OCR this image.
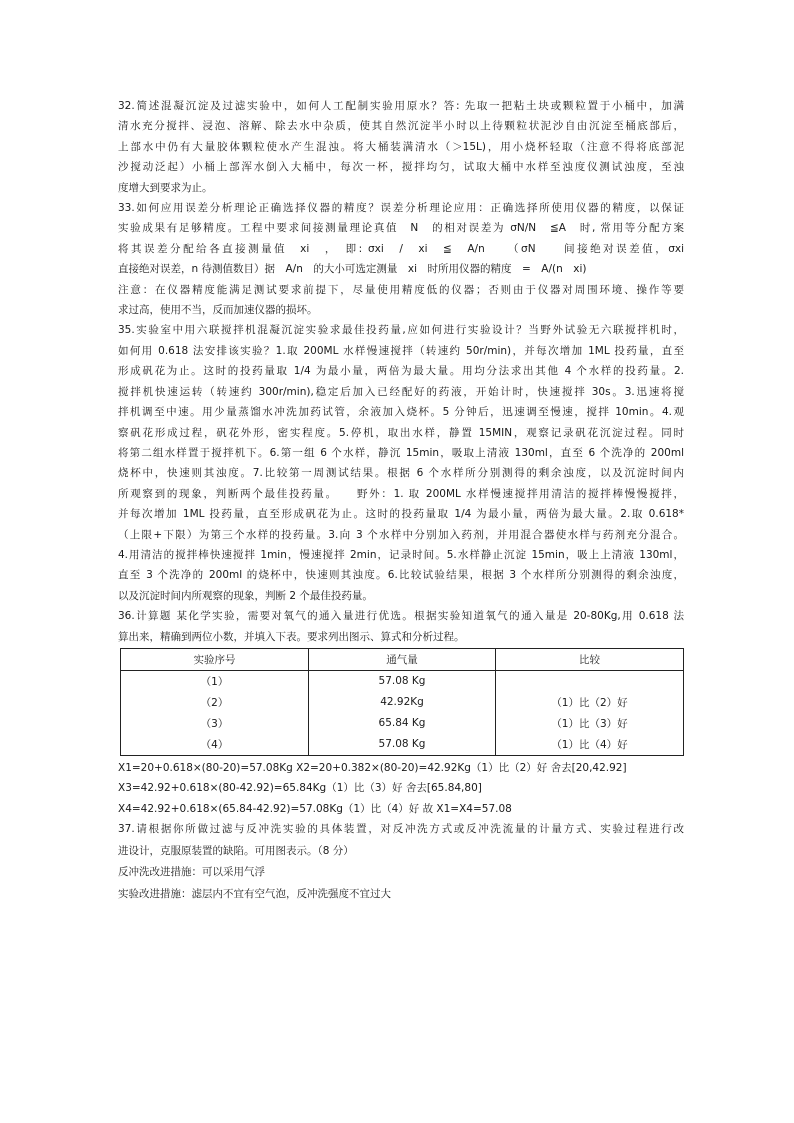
32.简述混凝沉淀及过滤实验中，如何人工配制实验用原水？答: 先取一把粘土块或颗粒置于小桶中，加满
清水充分搅拌、浸泡、溶解、除去水中杂质，使其自然沉淀半小时以上待颗粒状泥沙自由沉淀至桶底部后，
上部水中仍有大量胶体颗粒使水产生混浊。将大桶装满清水（＞15L)，用小烧杯轻取（注意不得将底部泥
沙搅动泛起）小桶上部浑水倒入大桶中，每次一杯，搅拌均匀，试取大桶中水样至浊度仪测试浊度，至浊
度增大到要求为止。
33.如何应用误差分析理论正确选择仪器的精度？误差分析理论应用：正确选择所使用仪器的精度，以保证
实验成果有足够精度。工程中要求间接测量理论真值　N　的相对误差为 σN/N　≦A　时, 常用等分配方案
将其误差分配给各直接测量值　xi　，　即: σxi　/　xi　≦　A/n　　（σN　　间接绝对误差值，σxi
直接绝对误差，n 待测值数目）据　A/n　的大小可选定测量　xi　时所用仪器的精度　=　A/(n　xi)
注意：在仪器精度能满足测试要求前提下，尽量使用精度低的仪器；否则由于仪器对周围环境、操作等要
求过高，使用不当，反而加速仪器的损坏。
35.实验室中用六联搅拌机混凝沉淀实验求最佳投药量,应如何进行实验设计？当野外试验无六联搅拌机时，
如何用 0.618 法安排该实验？1.取 200ML 水样慢速搅拌（转速约 50r/min)，并每次增加 1ML 投药量，直至
形成矾花为止。这时的投药量取 1/4 为最小量，两倍为最大量。用均分法求出其他 4 个水样的投药量。2.
搅拌机快速运转（转速约 300r/min),稳定后加入已经配好的药液，开始计时，快速搅拌 30s。3.迅速将搅
拌机调至中速。用少量蒸馏水冲洗加药试管，余液加入烧杯。5 分钟后，迅速调至慢速，搅拌 10min。4.观
察矾花形成过程，矾花外形，密实程度。5.停机，取出水样，静置 15MIN，观察记录矾花沉淀过程。同时
将第二组水样置于搅拌机下。6.第一组 6 个水样，静沉 15min，吸取上清液 130ml，直至 6 个洗净的 200ml
烧杯中，快速则其浊度。7.比较第一周测试结果。根据 6 个水样所分别测得的剩余浊度，以及沉淀时间内
所观察到的现象，判断两个最佳投药量。　　野外：1. 取 200ML 水样慢速搅拌用清洁的搅拌棒慢慢搅拌，
并每次增加 1ML 投药量，直至形成矾花为止。这时的投药量取 1/4 为最小量，两倍为最大量。2.取 0.618*
（上限+下限）为第三个水样的投药量。3.向 3 个水样中分别加入药剂，并用混合器使水样与药剂充分混合。
4.用清洁的搅拌棒快速搅拌 1min，慢速搅拌 2min，记录时间。5.水样静止沉淀 15min，吸上上清液 130ml，
直至 3 个洗净的 200ml 的烧杯中，快速则其浊度。6.比较试验结果，根据 3 个水样所分别测得的剩余浊度，
以及沉淀时间内所观察的现象，判断 2 个最佳投药量。
36.计算题 某化学实验，需要对氧气的通入量进行优选。根据实验知道氧气的通入量是 20-80Kg,用 0.618 法
算出来，精确到两位小数，并填入下表。要求列出图示、算式和分析过程。
实验序号	通气量	比较
（1）	57.08 Kg	
（2）	42.92Kg	（1）比（2）好
（3）	65.84 Kg	（1）比（3）好
（4）	57.08 Kg	（1）比（4）好
X1=20+0.618×(80-20)=57.08Kg X2=20+0.382×(80-20)=42.92Kg（1）比（2）好 舍去[20,42.92]
X3=42.92+0.618×(80-42.92)=65.84Kg（1）比（3）好 舍去[65.84,80]
X4=42.92+0.618×(65.84-42.92)=57.08Kg（1）比（4）好 故 X1=X4=57.08
37.请根据你所做过滤与反冲洗实验的具体装置，对反冲洗方式或反冲洗流量的计量方式、实验过程进行改
进设计，克服原装置的缺陷。可用图表示。（8 分）
反冲洗改进措施：可以采用气浮
实验改进措施：滤层内不宜有空气泡，反冲洗强度不宜过大
